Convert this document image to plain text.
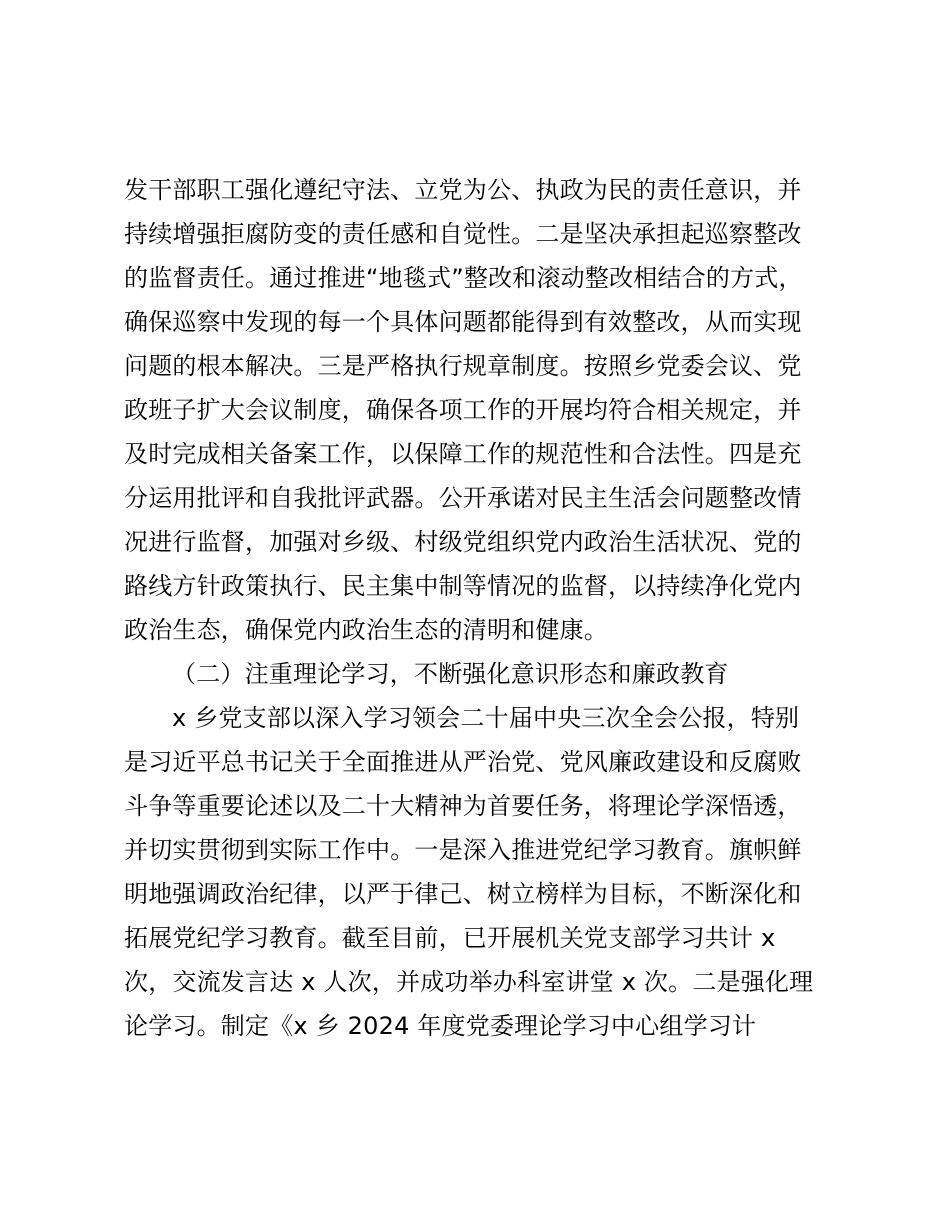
发干部职工强化遵纪守法、立党为公、执政为民的责任意识，并
持续增强拒腐防变的责任感和自觉性。二是坚决承担起巡察整改
的监督责任。通过推进“地毯式”整改和滚动整改相结合的方式，
确保巡察中发现的每一个具体问题都能得到有效整改，从而实现
问题的根本解决。三是严格执行规章制度。按照乡党委会议、党
政班子扩大会议制度，确保各项工作的开展均符合相关规定，并
及时完成相关备案工作，以保障工作的规范性和合法性。四是充
分运用批评和自我批评武器。公开承诺对民主生活会问题整改情
况进行监督，加强对乡级、村级党组织党内政治生活状况、党的
路线方针政策执行、民主集中制等情况的监督，以持续净化党内
政治生态，确保党内政治生态的清明和健康。
（二）注重理论学习，不断强化意识形态和廉政教育
x 乡党支部以深入学习领会二十届中央三次全会公报，特别
是习近平总书记关于全面推进从严治党、党风廉政建设和反腐败
斗争等重要论述以及二十大精神为首要任务，将理论学深悟透，
并切实贯彻到实际工作中。一是深入推进党纪学习教育。旗帜鲜
明地强调政治纪律，以严于律己、树立榜样为目标，不断深化和
拓展党纪学习教育。截至目前，已开展机关党支部学习共计 x
次，交流发言达 x 人次，并成功举办科室讲堂 x 次。二是强化理
论学习。制定《x 乡 2024 年度党委理论学习中心组学习计
